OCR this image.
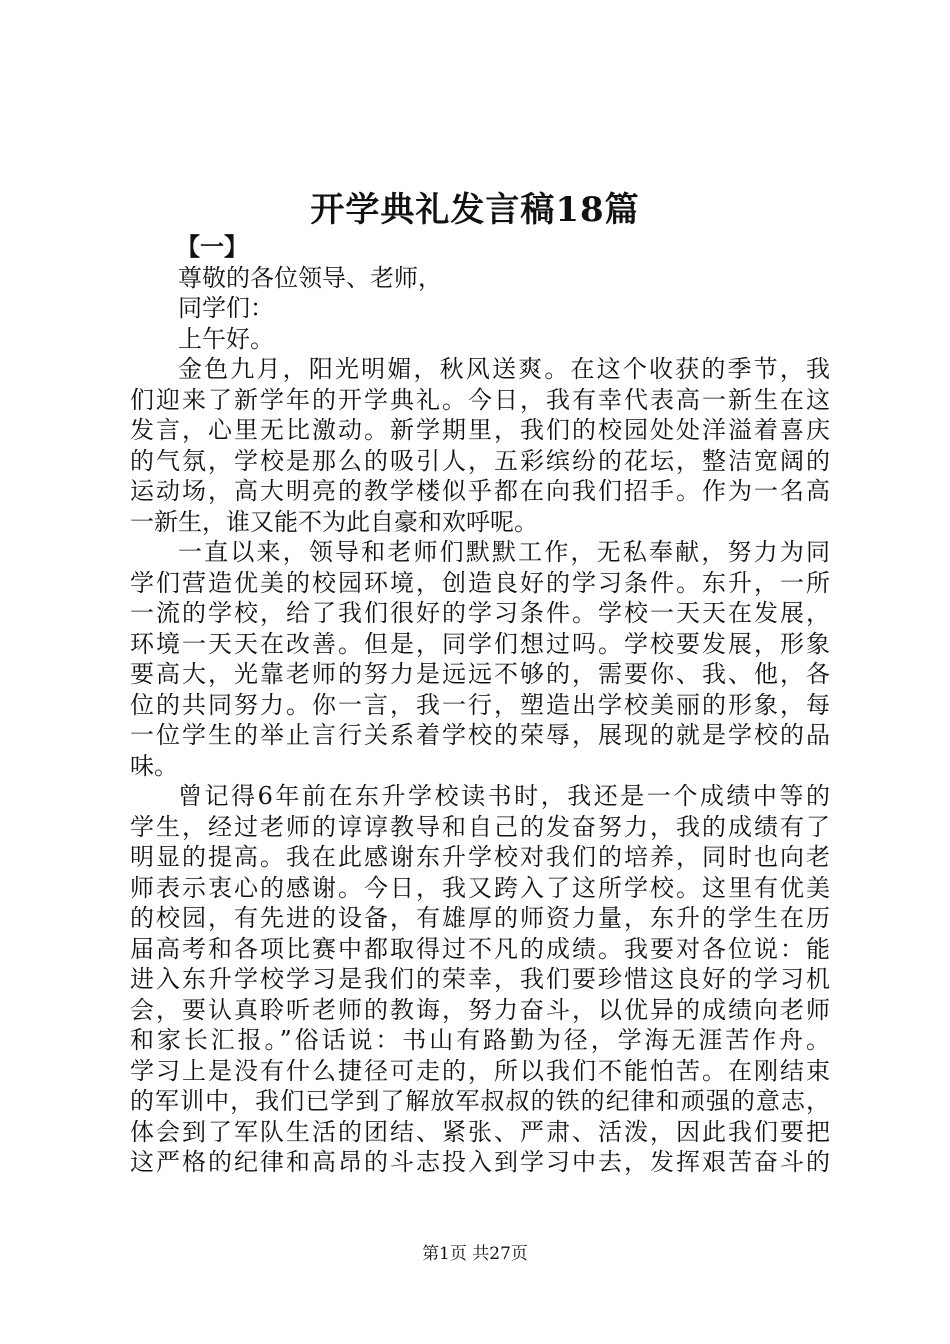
开学典礼发言稿18篇
【一】
尊敬的各位领导、老师，
同学们：
上午好。
金色九月，阳光明媚，秋风送爽。在这个收获的季节，我
们迎来了新学年的开学典礼。今日，我有幸代表高一新生在这
发言，心里无比激动。新学期里，我们的校园处处洋溢着喜庆
的气氛，学校是那么的吸引人，五彩缤纷的花坛，整洁宽阔的
运动场，高大明亮的教学楼似乎都在向我们招手。作为一名高
一新生，谁又能不为此自豪和欢呼呢。
一直以来，领导和老师们默默工作，无私奉献，努力为同
学们营造优美的校园环境，创造良好的学习条件。东升，一所
一流的学校，给了我们很好的学习条件。学校一天天在发展，
环境一天天在改善。但是，同学们想过吗。学校要发展，形象
要高大，光靠老师的努力是远远不够的，需要你、我、他，各
位的共同努力。你一言，我一行，塑造出学校美丽的形象，每
一位学生的举止言行关系着学校的荣辱，展现的就是学校的品
味。
曾记得6年前在东升学校读书时，我还是一个成绩中等的
学生，经过老师的谆谆教导和自己的发奋努力，我的成绩有了
明显的提高。我在此感谢东升学校对我们的培养，同时也向老
师表示衷心的感谢。今日，我又跨入了这所学校。这里有优美
的校园，有先进的设备，有雄厚的师资力量，东升的学生在历
届高考和各项比赛中都取得过不凡的成绩。我要对各位说：能
进入东升学校学习是我们的荣幸，我们要珍惜这良好的学习机
会，要认真聆听老师的教诲，努力奋斗，以优异的成绩向老师
和家长汇报。”俗话说：书山有路勤为径，学海无涯苦作舟。
学习上是没有什么捷径可走的，所以我们不能怕苦。在刚结束
的军训中，我们已学到了解放军叔叔的铁的纪律和顽强的意志，
体会到了军队生活的团结、紧张、严肃、活泼，因此我们要把
这严格的纪律和高昂的斗志投入到学习中去，发挥艰苦奋斗的
第1页 共27页
